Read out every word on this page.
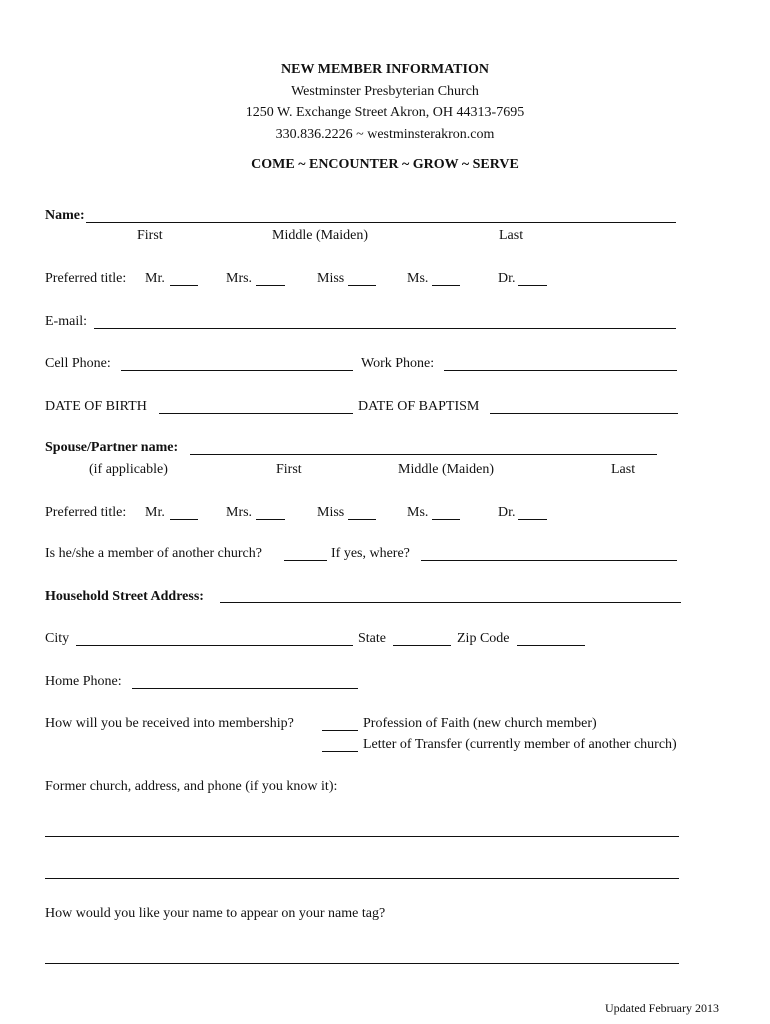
NEW MEMBER INFORMATION
Westminster Presbyterian Church
1250 W. Exchange Street Akron, OH 44313-7695
330.836.2226 ~ westminsterakron.com
COME ~ ENCOUNTER ~ GROW ~ SERVE
Name:
First	Middle (Maiden)	Last
Preferred title: Mr.	Mrs.	Miss	Ms.	Dr.
E-mail:
Cell Phone:	Work Phone:
DATE OF BIRTH	DATE OF BAPTISM
Spouse/Partner name:
(if applicable)	First	Middle (Maiden)	Last
Preferred title: Mr.	Mrs.	Miss	Ms.	Dr.
Is he/she a member of another church?	If yes, where?
Household Street Address:
City	State	Zip Code
Home Phone:
How will you be received into membership?	Profession of Faith (new church member)
Letter of Transfer (currently member of another church)
Former church, address, and phone (if you know it):
How would you like your name to appear on your name tag?
Updated February 2013
